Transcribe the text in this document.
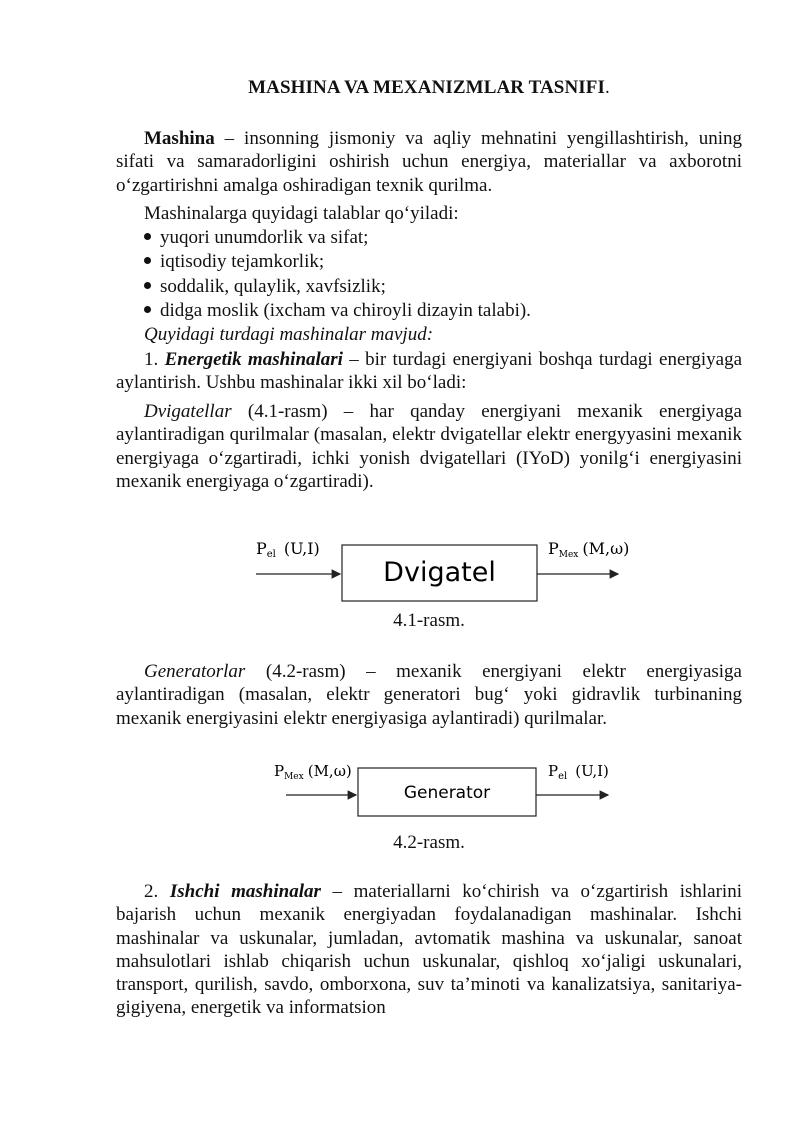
MASHINA VA MEXANIZMLAR TASNIFI.

Mashina – insonning jismoniy va aqliy mehnatini yengillashtirish, uning sifati va samaradorligini oshirish uchun energiya, materiallar va axborotni oʻzgartirishni amalga oshiradigan texnik qurilma.

Mashinalarga quyidagi talablar qoʻyiladi:
yuqori unumdorlik va sifat;
iqtisodiy tejamkorlik;
soddalik, qulaylik, xavfsizlik;
didga moslik (ixcham va chiroyli dizayin talabi).
Quyidagi turdagi mashinalar mavjud:

1. Energetik mashinalari – bir turdagi energiyani boshqa turdagi energiyaga aylantirish. Ushbu mashinalar ikki xil boʻladi:

Dvigatellar (4.1-rasm) – har qanday energiyani mexanik energiyaga aylantiradigan qurilmalar (masalan, elektr dvigatellar elektr energyyasini mexanik energiyaga oʻzgartiradi, ichki yonish dvigatellari (IYoD) yonilgʻi energiyasini mexanik energiyaga oʻzgartiradi).

4.1-rasm.

Generatorlar (4.2-rasm) – mexanik energiyani elektr energiyasiga aylantiradigan (masalan, elektr generatori bugʻ yoki gidravlik turbinaning mexanik energiyasini elektr energiyasiga aylantiradi) qurilmalar.

4.2-rasm.

2. Ishchi mashinalar – materiallarni koʻchirish va oʻzgartirish ishlarini bajarish uchun mexanik energiyadan foydalanadigan mashinalar. Ishchi mashinalar va uskunalar, jumladan, avtomatik mashina va uskunalar, sanoat mahsulotlari ishlab chiqarish uchun uskunalar, qishloq xoʻjaligi uskunalari, transport, qurilish, savdo, omborxona, suv taʼminoti va kanalizatsiya, sanitariya-gigiyena, energetik va informatsion

Dvigatel
Pel (U,I)	PMex (M,ω)
Generator
$P_{Mex}$ (M,ω)	$P_{el}$ (U,I)
